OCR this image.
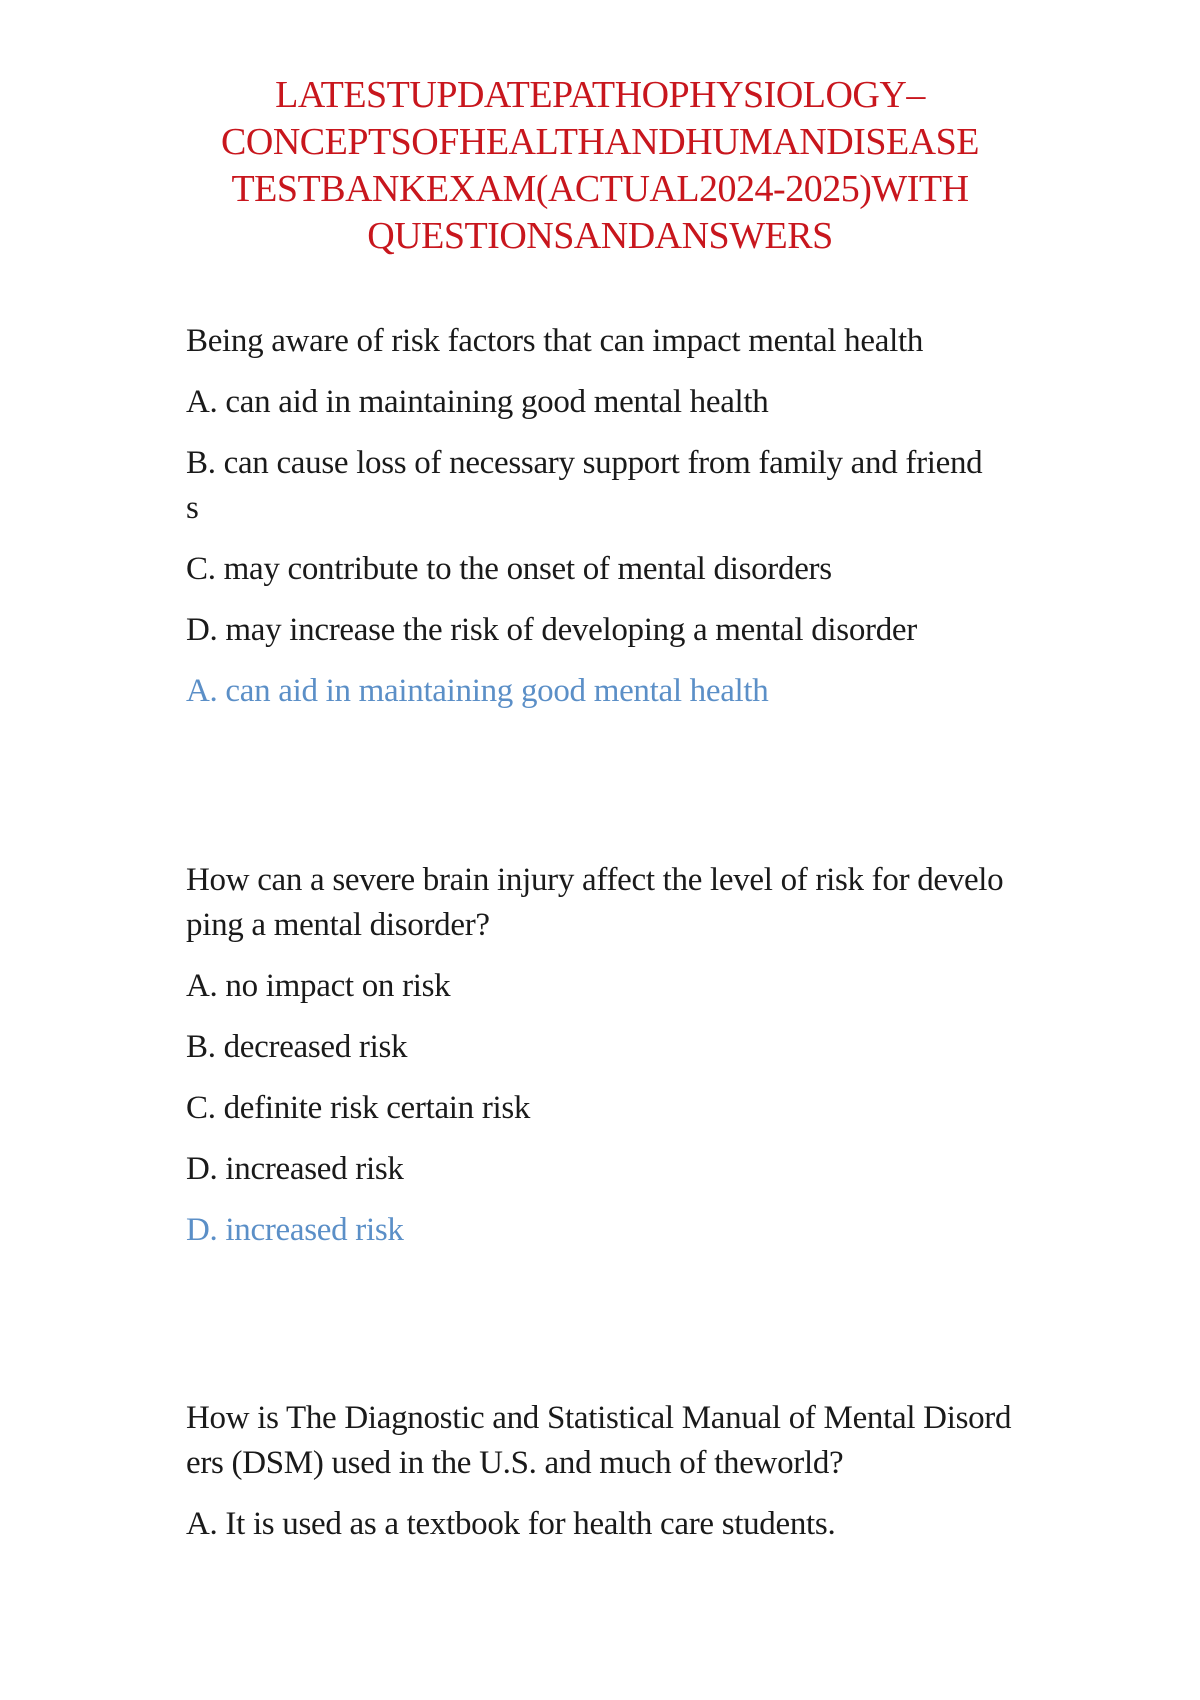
LATESTUPDATEPATHOPHYSIOLOGY–
CONCEPTSOFHEALTHANDHUMANDISEASE
TESTBANKEXAM(ACTUAL2024-2025)WITH
QUESTIONSANDANSWERS

Being aware of risk factors that can impact mental health

A. can aid in maintaining good mental health

B. can cause loss of necessary support from family and friend
s

C. may contribute to the onset of mental disorders

D. may increase the risk of developing a mental disorder

A. can aid in maintaining good mental health

How can a severe brain injury affect the level of risk for develo
ping a mental disorder?

A. no impact on risk

B. decreased risk

C. definite risk certain risk

D. increased risk

D. increased risk

How is The Diagnostic and Statistical Manual of Mental Disord
ers (DSM) used in the U.S. and much of theworld?

A. It is used as a textbook for health care students.
